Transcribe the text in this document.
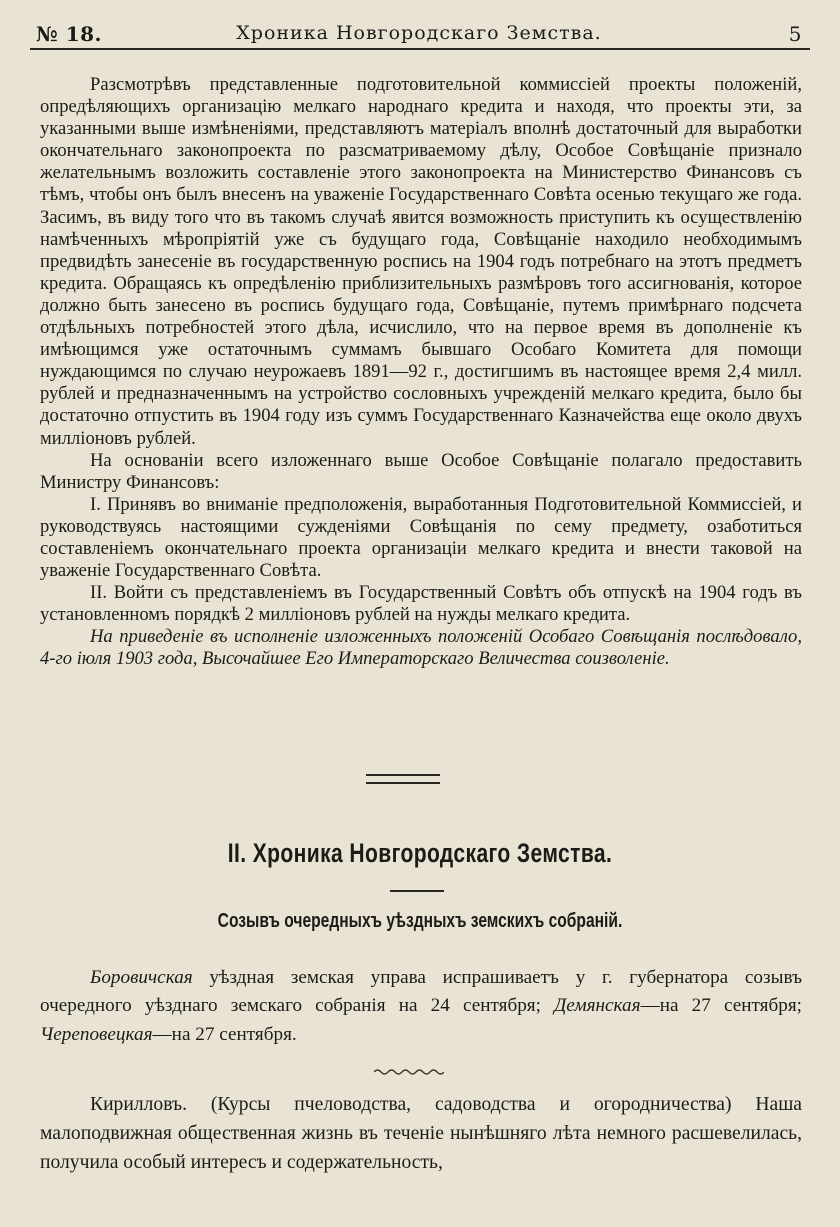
№ 18.	Хроника Новгородскаго Земства.	5

Разсмотрѣвъ представленные подготовительной коммиссіей проекты положеній, опредѣляющихъ организацію мелкаго народнаго кредита и находя, что проекты эти, за указанными выше измѣненіями, представляютъ матеріалъ вполнѣ достаточный для выработки окончательнаго законопроекта по разсматриваемому дѣлу, Особое Совѣщаніе признало желательнымъ возложить составленіе этого законопроекта на Министерство Финансовъ съ тѣмъ, чтобы онъ былъ внесенъ на уваженіе Государственнаго Совѣта осенью текущаго же года. Засимъ, въ виду того что въ такомъ случаѣ явится возможность приступить къ осуществленію намѣченныхъ мѣропріятій уже съ будущаго года, Совѣщаніе находило необходимымъ предвидѣть занесеніе въ государственную роспись на 1904 годъ потребнаго на этотъ предметъ кредита. Обращаясь къ опредѣленію приблизительныхъ размѣровъ того ассигнованія, которое должно быть занесено въ роспись будущаго года, Совѣщаніе, путемъ примѣрнаго подсчета отдѣльныхъ потребностей этого дѣла, исчислило, что на первое время въ дополненіе къ имѣющимся уже остаточнымъ суммамъ бывшаго Особаго Комитета для помощи нуждающимся по случаю неурожаевъ 1891—92 г., достигшимъ въ настоящее время 2,4 милл. рублей и предназначеннымъ на устройство сословныхъ учрежденій мелкаго кредита, было бы достаточно отпустить въ 1904 году изъ суммъ Государственнаго Казначейства еще около двухъ милліоновъ рублей.

На основаніи всего изложеннаго выше Особое Совѣщаніе полагало предоставить Министру Финансовъ:

I. Принявъ во вниманіе предположенія, выработанныя Подготовительной Коммиссіей, и руководствуясь настоящими сужденіями Совѣщанія по сему предмету, озаботиться составленіемъ окончательнаго проекта организаціи мелкаго кредита и внести таковой на уваженіе Государственнаго Совѣта.

II. Войти съ представленіемъ въ Государственный Совѣтъ объ отпускѣ на 1904 годъ въ установленномъ порядкѣ 2 милліоновъ рублей на нужды мелкаго кредита.

На приведеніе въ исполненіе изложенныхъ положеній Особаго Совѣщанія послѣдовало, 4-го іюля 1903 года, Высочайшее Его Императорскаго Величества соизволеніе.

II. Хроника Новгородскаго Земства.
Созывъ очередныхъ уѣздныхъ земскихъ собраній.

Боровичская уѣздная земская управа испрашиваетъ у г. губернатора созывъ очередного уѣзднаго земскаго собранія на 24 сентября; Демянская—на 27 сентября; Череповецкая—на 27 сентября.

Кирилловъ. (Курсы пчеловодства, садоводства и огородничества) Наша малоподвижная общественная жизнь въ теченіе нынѣшняго лѣта немного расшевелилась, получила особый интересъ и содержательность,
